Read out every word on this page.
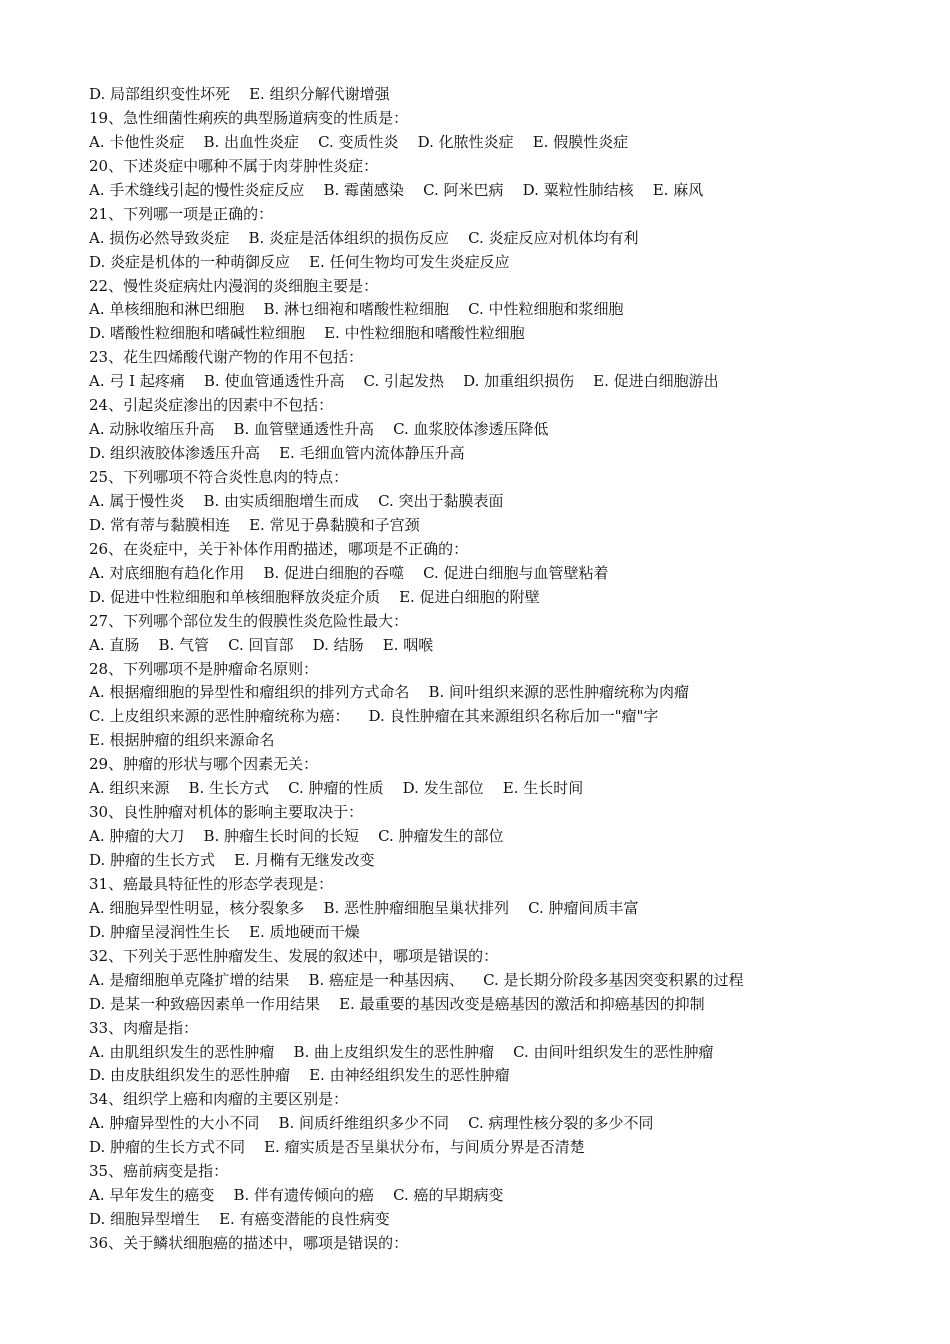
D. 局部组织变性坏死    E. 组织分解代谢增强
19、急性细菌性痢疾的典型肠道病变的性质是：
A. 卡他性炎症    B. 出血性炎症    C. 变质性炎    D. 化脓性炎症    E. 假膜性炎症
20、下述炎症中哪种不属于肉芽肿性炎症：
A. 手术缝线引起的慢性炎症反应    B. 霉菌感染    C. 阿米巴病    D. 粟粒性肺结核    E. 麻风
21、下列哪一项是正确的：
A. 损伤必然导致炎症    B. 炎症是活体组织的损伤反应    C. 炎症反应对机体均有利
D. 炎症是机体的一种萌御反应    E. 任何生物均可发生炎症反应
22、慢性炎症病灶内漫润的炎细胞主要是：
A. 单核细胞和淋巴细胞    B. 淋乜细袍和嗜酸性粒细胞    C. 中性粒细胞和浆细胞
D. 嗜酸性粒细胞和嗜碱性粒细胞    E. 中性粒细胞和嗜酸性粒细胞
23、花生四烯酸代谢产物的作用不包括：
A. 弓 I 起疼痛    B. 使血管通透性升高    C. 引起发热    D. 加重组织损伤    E. 促进白细胞游出
24、引起炎症渗出的因素中不包括：
A. 动脉收缩压升高    B. 血管壁通透性升高    C. 血浆胶体渗透压降低
D. 组织液胶体渗透压升高    E. 毛细血管内流体静压升高
25、下列哪项不符合炎性息肉的特点：
A. 属于慢性炎    B. 由实质细胞增生而成    C. 突出于黏膜表面
D. 常有蒂与黏膜相连    E. 常见于鼻黏膜和子宫颈
26、在炎症中，关于补体作用酌描述，哪项是不正确的：
A. 对底细胞有趋化作用    B. 促进白细胞的吞噬    C. 促进白细胞与血管壁粘着
D. 促进中性粒细胞和单核细胞释放炎症介质    E. 促进白细胞的附壁
27、下列哪个部位发生的假膜性炎危险性最大：
A. 直肠    B. 气管    C. 回盲部    D. 结肠    E. 咽喉
28、下列哪项不是肿瘤命名原则：
A. 根据瘤细胞的异型性和瘤组织的排列方式命名    B. 间叶组织来源的恶性肿瘤统称为肉瘤
C. 上皮组织来源的恶性肿瘤统称为癌：    D. 良性肿瘤在其来源组织名称后加一"瘤"字
E. 根据肿瘤的组织来源命名
29、肿瘤的形状与哪个因素无关：
A. 组织来源    B. 生长方式    C. 肿瘤的性质    D. 发生部位    E. 生长时间
30、良性肿瘤对机体的影响主要取决于：
A. 肿瘤的大刀    B. 肿瘤生长时间的长短    C. 肿瘤发生的部位
D. 肿瘤的生长方式    E. 月椭有无继发改变
31、癌最具特征性的形态学表现是：
A. 细胞异型性明显，核分裂象多    B. 恶性肿瘤细胞呈巢状排列    C. 肿瘤间质丰富
D. 肿瘤呈浸润性生长    E. 质地硬而干燥
32、下列关于恶性肿瘤发生、发展的叙述中，哪项是错误的：
A. 是瘤细胞单克隆扩增的结果    B. 癌症是一种基因病、    C. 是长期分阶段多基因突变积累的过程
D. 是某一种致癌因素单一作用结果    E. 最重要的基因改变是癌基因的激活和抑癌基因的抑制
33、肉瘤是指：
A. 由肌组织发生的恶性肿瘤    B. 曲上皮组织发生的恶性肿瘤    C. 由间叶组织发生的恶性肿瘤
D. 由皮肤组织发生的恶性肿瘤    E. 由神经组织发生的恶性肿瘤
34、组织学上癌和肉瘤的主要区别是：
A. 肿瘤异型性的大小不同    B. 间质纤维组织多少不同    C. 病理性核分裂的多少不同
D. 肿瘤的生长方式不同    E. 瘤实质是否呈巢状分布，与间质分界是否清楚
35、癌前病变是指：
A. 早年发生的癌变    B. 伴有遗传倾向的癌    C. 癌的早期病变
D. 细胞异型增生    E. 有癌变潜能的良性病变
36、关于鳞状细胞癌的描述中，哪项是错误的：
